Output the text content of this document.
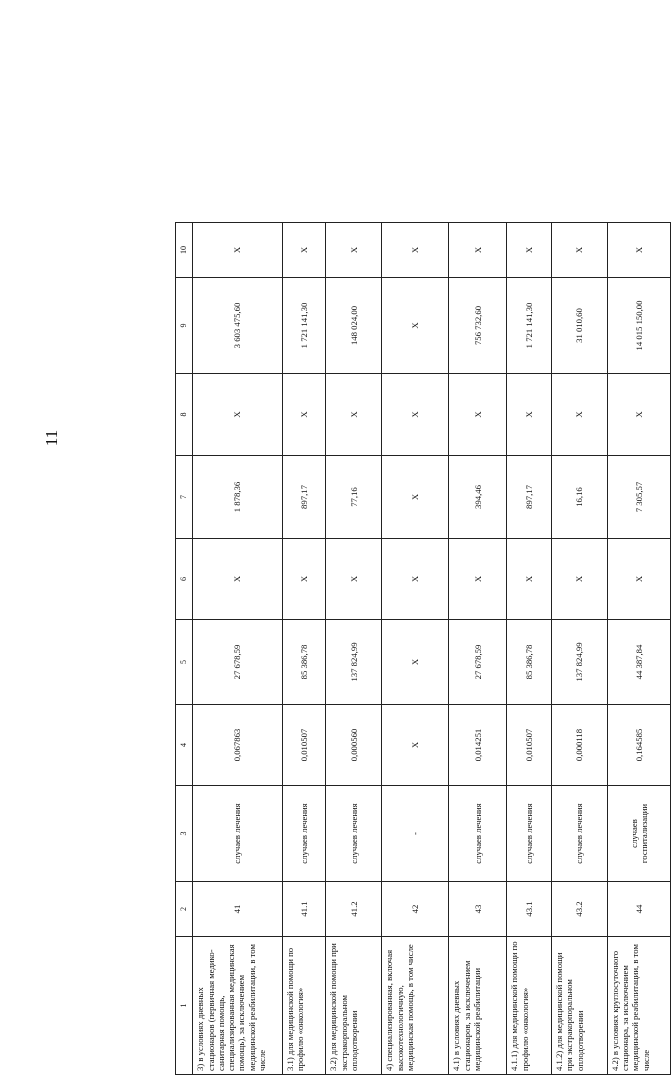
11
1	2	3	4	5	6	7	8	9	10
3) в условиях дневных стационаров (первичная медико-санитарная помощь, специализированная медицинская помощь), за исключением медицинской реабилитации, в том числе	41	случаев лечения	0,067863	27 678,59	Х	1 878,36	Х	3 603 475,60	Х
3.1) для медицинской помощи по профилю «онкология»	41.1	случаев лечения	0,010507	85 386,78	Х	897,17	Х	1 721 141,30	Х
3.2) для медицинской помощи при экстракорпоральном оплодотворении	41.2	случаев лечения	0,000560	137 824,99	Х	77,16	Х	148 024,00	Х
4) специализированная, включая высокотехнологичную, медицинская помощь, в том числе	42	-	Х	Х	Х	Х	Х	Х	Х
4.1) в условиях дневных стационаров, за исключением медицинской реабилитации	43	случаев лечения	0,014251	27 678,59	Х	394,46	Х	756 732,60	Х
4.1.1) для медицинской помощи по профилю «онкология»	43.1	случаев лечения	0,010507	85 386,78	Х	897,17	Х	1 721 141,30	Х
4.1.2) для медицинской помощи при экстракорпоральном оплодотворении	43.2	случаев лечения	0,000118	137 824,99	Х	16,16	Х	31 010,60	Х
4.2) в условиях круглосуточного стационара, за исключением медицинской реабилитации, в том числе	44	случаев госпитализации	0,164585	44 387,84	Х	7 305,57	Х	14 015 150,00	Х
